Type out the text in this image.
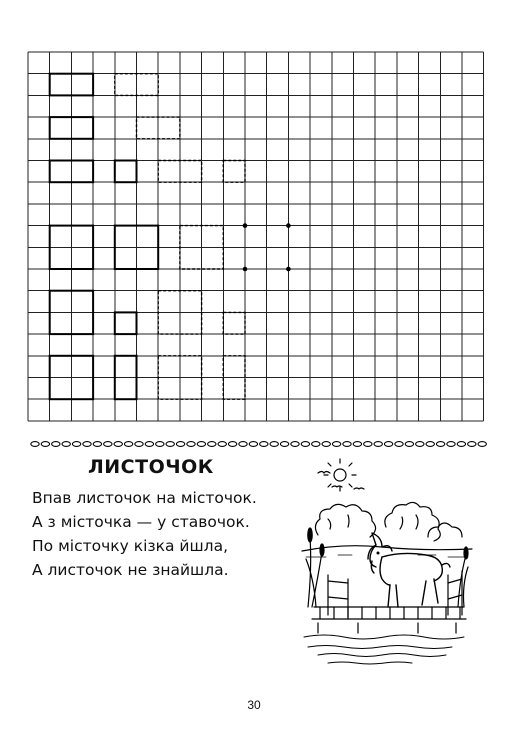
ЛИСТОЧОК
Впав листочок на місточок.
А з місточка — у ставочок.
По місточку кізка йшла,
А листочок не знайшла.
30
